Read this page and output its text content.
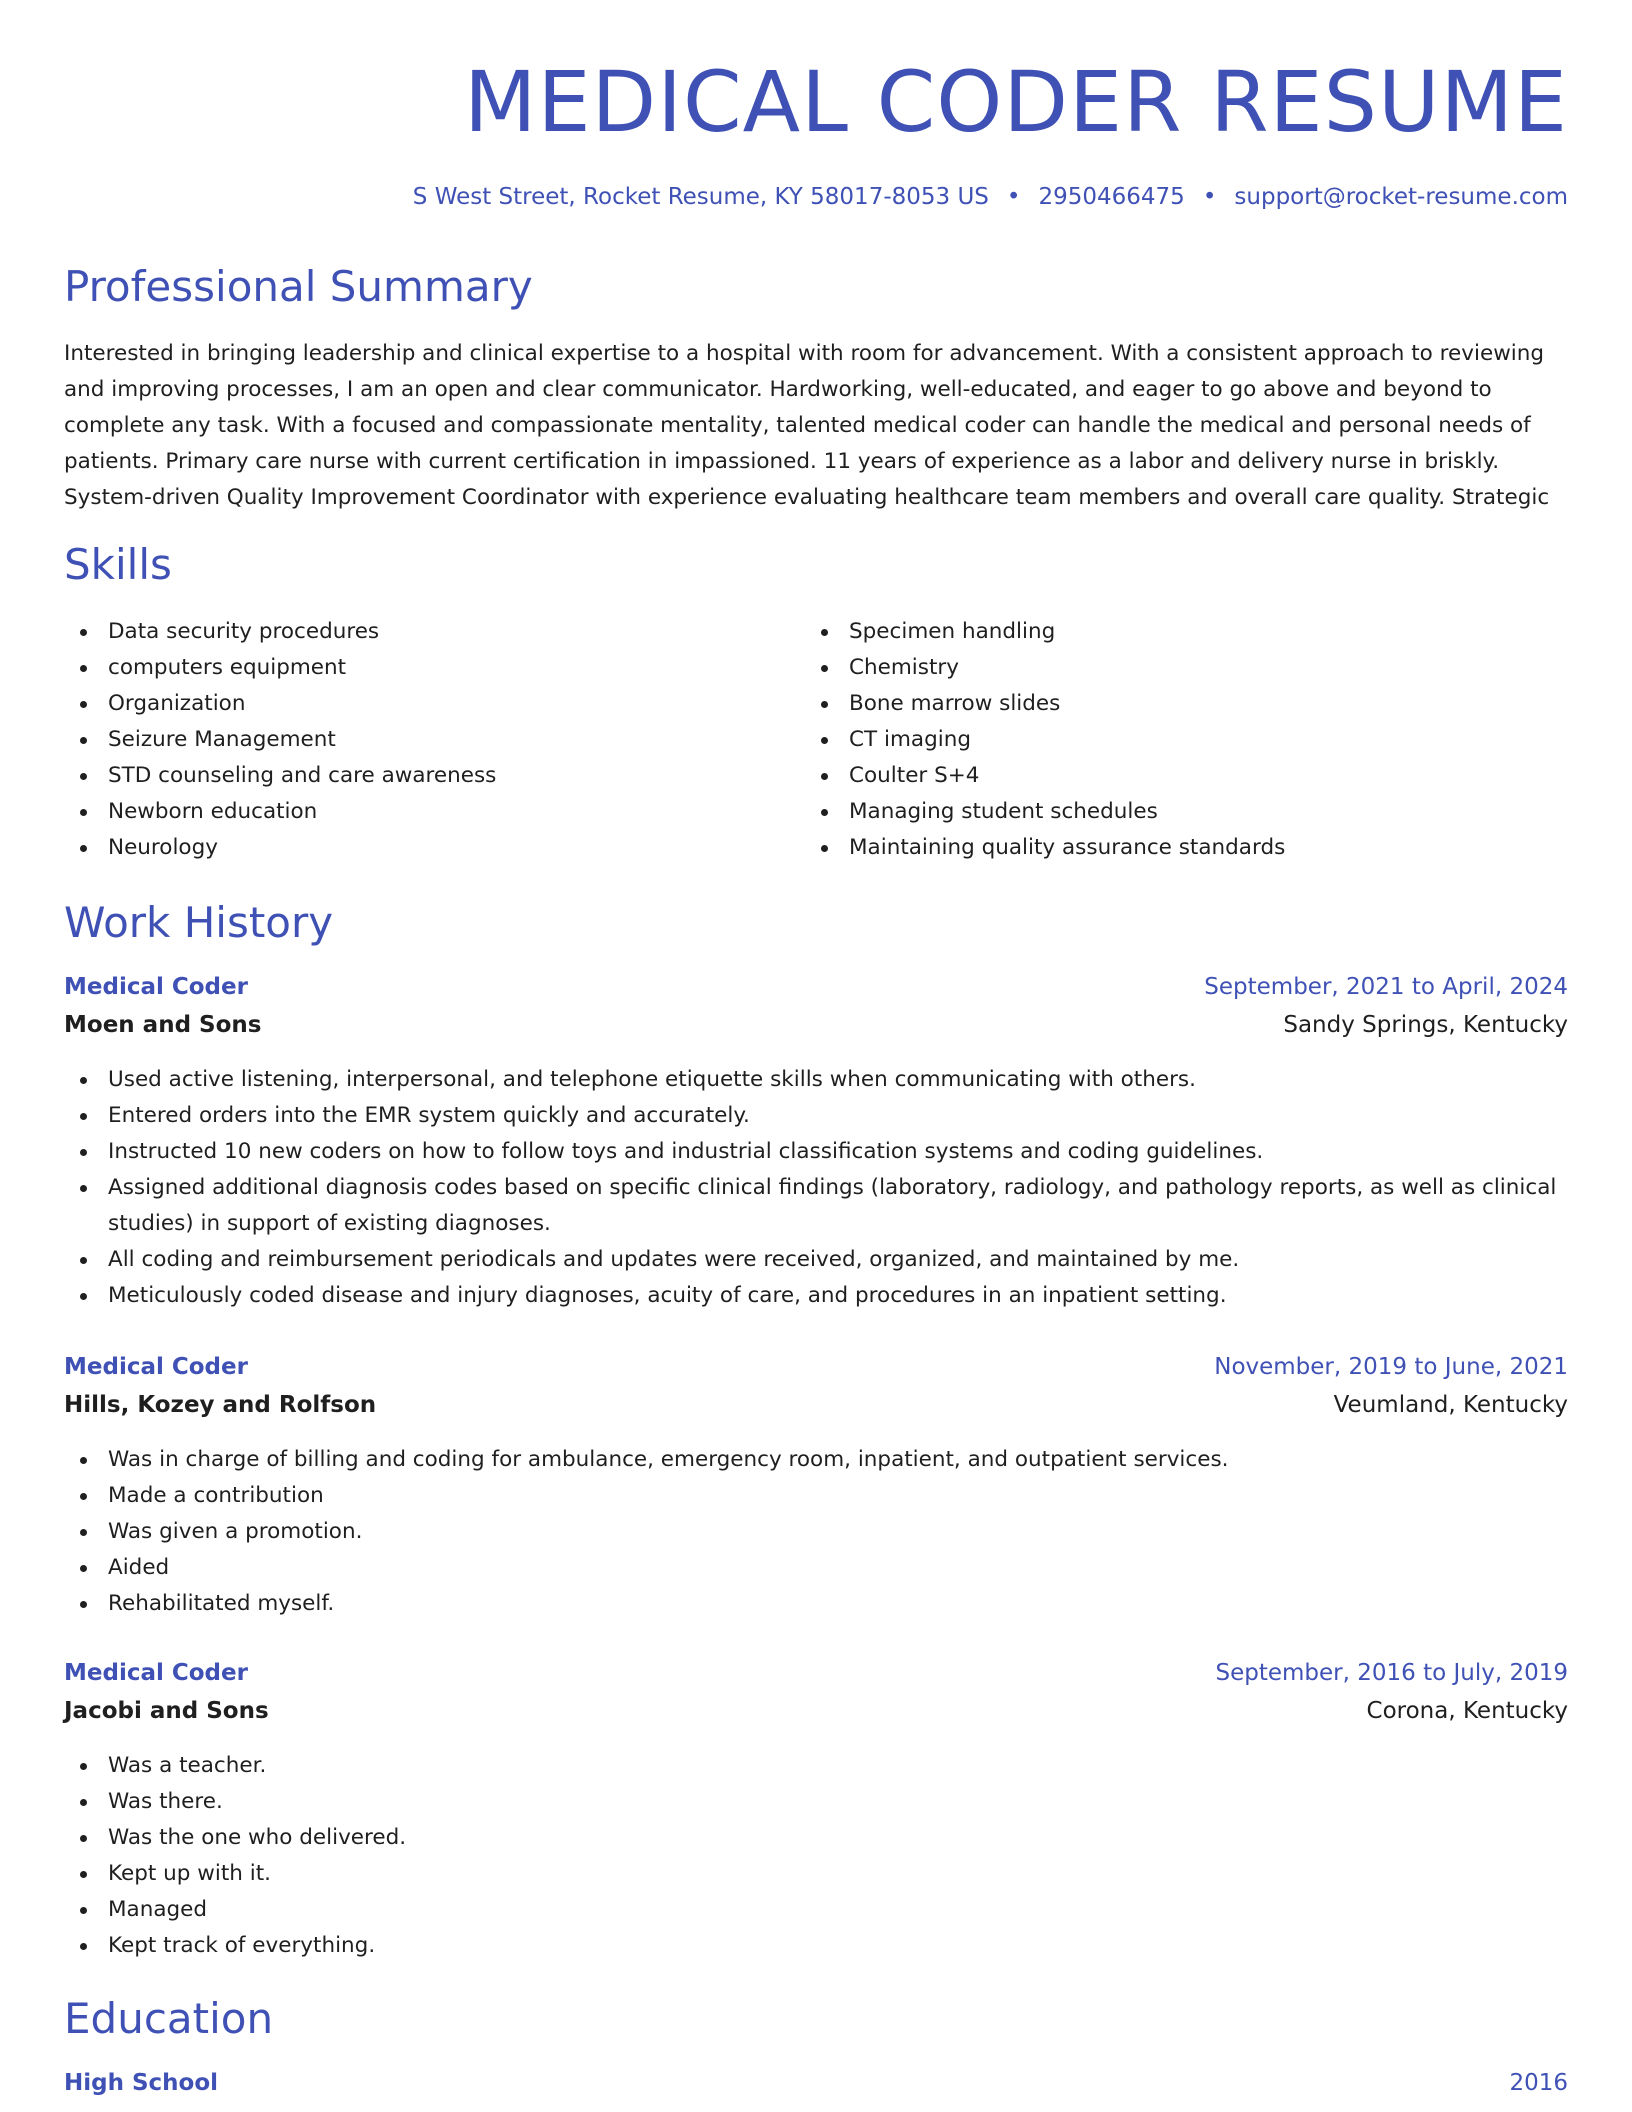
MEDICAL CODER RESUME
S West Street, Rocket Resume, KY 58017-8053 US • 2950466475 • support@rocket-resume.com
Professional Summary

Interested in bringing leadership and clinical expertise to a hospital with room for advancement. With a consistent approach to reviewing and improving processes, I am an open and clear communicator. Hardworking, well-educated, and eager to go above and beyond to complete any task. With a focused and compassionate mentality, talented medical coder can handle the medical and personal needs of patients. Primary care nurse with current certification in impassioned. 11 years of experience as a labor and delivery nurse in briskly. System-driven Quality Improvement Coordinator with experience evaluating healthcare team members and overall care quality. Strategic

Skills
Data security procedures
computers equipment
Organization
Seizure Management
STD counseling and care awareness
Newborn education
Neurology
Specimen handling
Chemistry
Bone marrow slides
CT imaging
Coulter S+4
Managing student schedules
Maintaining quality assurance standards
Work History
Medical Coder	September, 2021 to April, 2024
Moen and Sons	Sandy Springs, Kentucky
Used active listening, interpersonal, and telephone etiquette skills when communicating with others.
Entered orders into the EMR system quickly and accurately.
Instructed 10 new coders on how to follow toys and industrial classification systems and coding guidelines.
Assigned additional diagnosis codes based on specific clinical findings (laboratory, radiology, and pathology reports, as well as clinical studies) in support of existing diagnoses.
All coding and reimbursement periodicals and updates were received, organized, and maintained by me.
Meticulously coded disease and injury diagnoses, acuity of care, and procedures in an inpatient setting.
Medical Coder	November, 2019 to June, 2021
Hills, Kozey and Rolfson	Veumland, Kentucky
Was in charge of billing and coding for ambulance, emergency room, inpatient, and outpatient services.
Made a contribution
Was given a promotion.
Aided
Rehabilitated myself.
Medical Coder	September, 2016 to July, 2019
Jacobi and Sons	Corona, Kentucky
Was a teacher.
Was there.
Was the one who delivered.
Kept up with it.
Managed
Kept track of everything.
Education
High School	2016
